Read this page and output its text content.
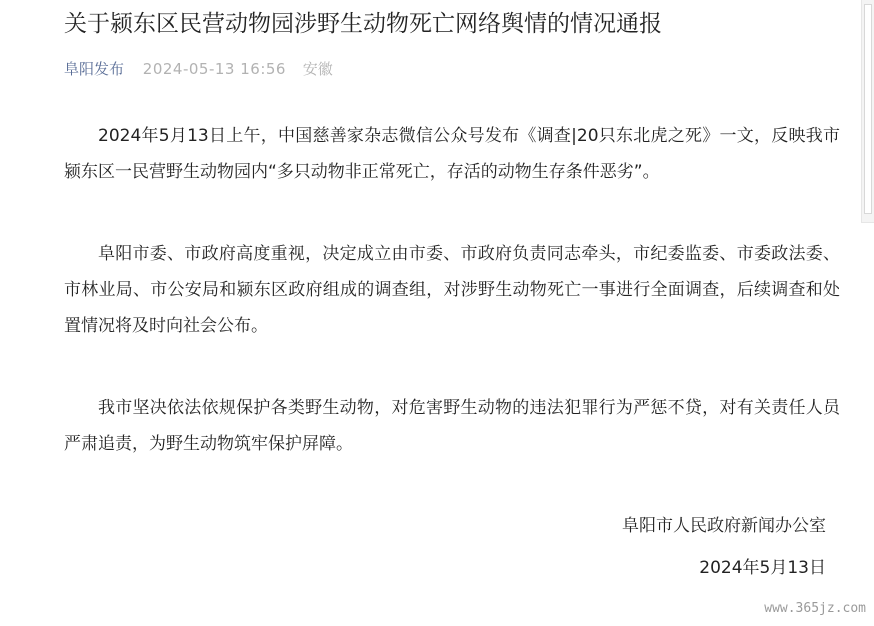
关于颍东区民营动物园涉野生动物死亡网络舆情的情况通报
阜阳发布 2024-05-13 16:56 安徽

2024年5月13日上午，中国慈善家杂志微信公众号发布《调查|20只东北虎之死》一文，反映我市颍东区一民营野生动物园内“多只动物非正常死亡，存活的动物生存条件恶劣”。

阜阳市委、市政府高度重视，决定成立由市委、市政府负责同志牵头，市纪委监委、市委政法委、市林业局、市公安局和颍东区政府组成的调查组，对涉野生动物死亡一事进行全面调查，后续调查和处置情况将及时向社会公布。

我市坚决依法依规保护各类野生动物，对危害野生动物的违法犯罪行为严惩不贷，对有关责任人员严肃追责，为野生动物筑牢保护屏障。

阜阳市人民政府新闻办公室
2024年5月13日
www.365jz.com
